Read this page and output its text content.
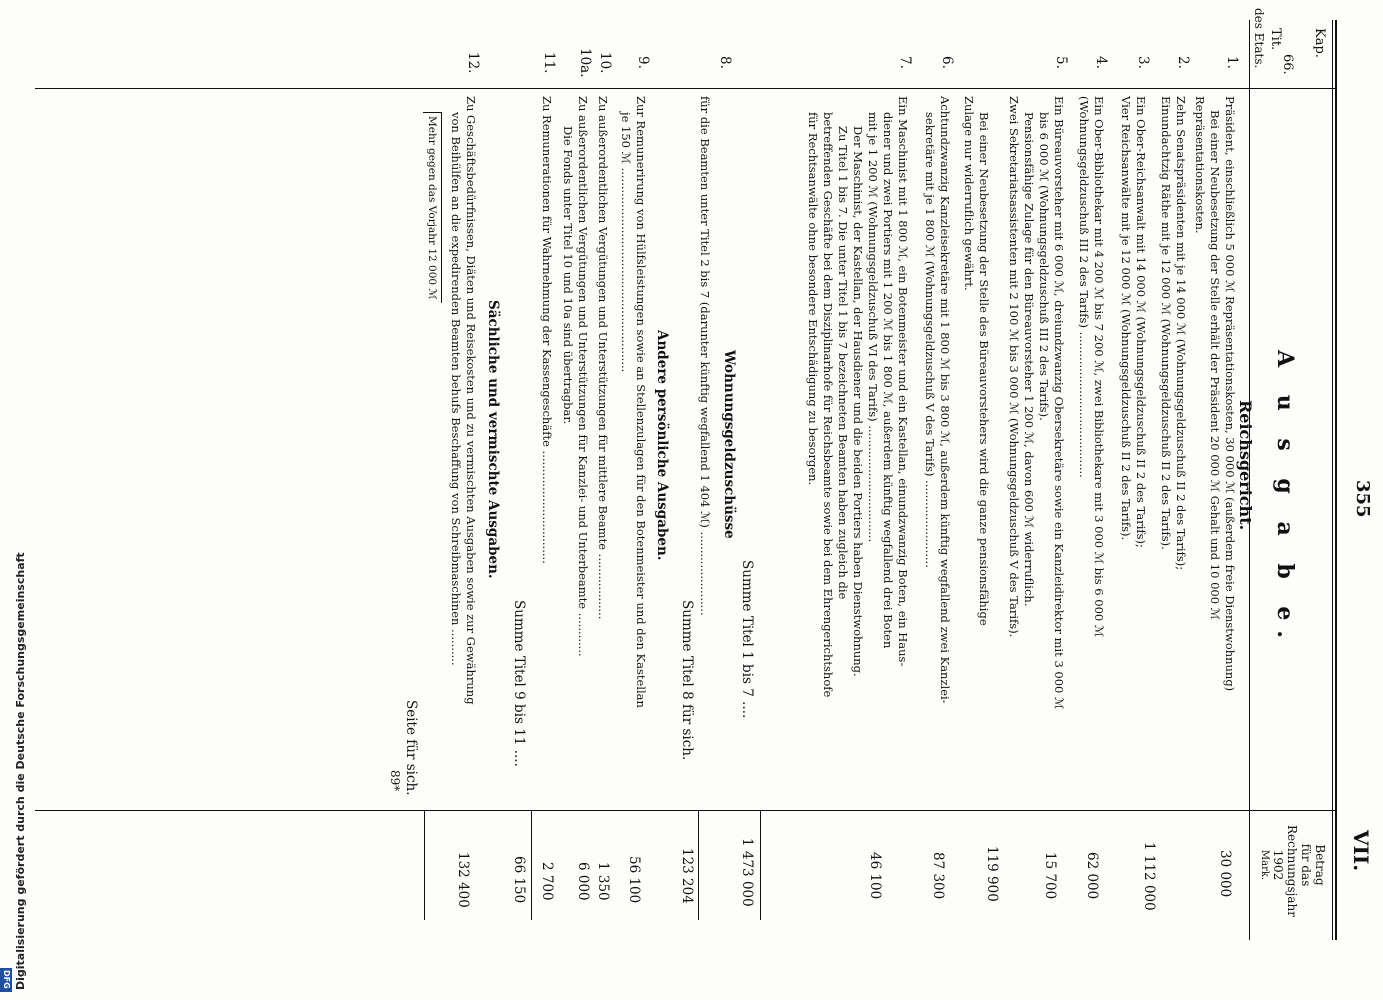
Digitalisierung gefördert durch die Deutsche Forschungsgemeinschaft
DFG
355
VII.
Kap.
Tit.
des Etats.
Betrag
für das
Rechnungsjahr
1902
Mark.
A u s g a b e.
Reichsgericht.
66.
1.
Präsident, einschließlich 5 000 ℳ Repräsentationskosten, 30 000 ℳ (außerdem freie Dienstwohnung)
Bei einer Neubesetzung der Stelle erhält der Präsident 20 000 ℳ Gehalt und 10 000 ℳ
Repräsentationskosten.
30 000
2.
Zehn Senatspräsidenten mit je 14 000 ℳ (Wohnungsgeldzuschuß II 2 des Tarifs);
Einundachtzig Räthe mit je 12 000 ℳ (Wohnungsgeldzuschuß II 2 des Tarifs).
3.
Ein Ober-Reichsanwalt mit 14 000 ℳ (Wohnungsgeldzuschuß II 2 des Tarifs);
Vier Reichsanwälte mit je 12 000 ℳ (Wohnungsgeldzuschuß II 2 des Tarifs).
1 112 000
4.
Ein Ober-Bibliothekar mit 4 200 ℳ bis 7 200 ℳ, zwei Bibliothekare mit 3 000 ℳ bis 6 000 ℳ
(Wohnungsgeldzuschuß III 2 des Tarifs) ........................................
62 000
5.
Ein Büreauvorsteher mit 6 000 ℳ, dreiundzwanzig Obersekretäre sowie ein Kanzleidirektor mit 3 000 ℳ
bis 6 000 ℳ (Wohnungsgeldzuschuß III 2 des Tarifs).
Pensionsfähige Zulage für den Büreauvorsteher 1 200 ℳ, davon 600 ℳ widerruflich.
Zwei Sekretariatsassistenten mit 2 100 ℳ bis 3 000 ℳ (Wohnungsgeldzuschuß V des Tarifs).
Bei einer Neubesetzung der Stelle des Büreauvorstehers wird die ganze pensionsfähige
Zulage nur widerruflich gewährt.
15 700
119 900
6.
Achtundzwanzig Kanzleisekretäre mit 1 800 ℳ bis 3 800 ℳ, außerdem künftig wegfallend zwei Kanzlei-
sekretäre mit je 1 800 ℳ (Wohnungsgeldzuschuß V des Tarifs) ........................
87 300
7.
Ein Maschinist mit 1 800 ℳ, ein Botenmeister und ein Kastellan, einundzwanzig Boten, ein Haus-
diener und zwei Portiers mit 1 200 ℳ bis 1 800 ℳ, außerdem künftig wegfallend drei Boten
mit je 1 200 ℳ (Wohnungsgeldzuschuß VI des Tarifs) ................................
Der Maschinist, der Kastellan, der Hausdiener und die beiden Portiers haben Dienstwohnung.
Zu Titel 1 bis 7. Die unter Titel 1 bis 7 bezeichneten Beamten haben zugleich die
betreffenden Geschäfte bei dem Disziplinarhofe für Reichsbeamte sowie bei dem Ehrengerichtshofe
für Rechtsanwälte ohne besondere Entschädigung zu besorgen.
46 100
Summe Titel 1 bis 7 ....
1 473 000
8.
Wohnungsgeldzuschüsse
für die Beamten unter Titel 2 bis 7 (darunter künftig wegfallend 1 404 ℳ) .......................
Summe Titel 8 für sich.
123 204
Andere persönliche Ausgaben.
9.
Zur Remunerirung von Hülfsleistungen sowie an Stellenzulagen für den Botenmeister und den Kastellan
je 150 ℳ ........................................................
56 100
10.
Zu außerordentlichen Vergütungen und Unterstützungen für mittlere Beamte ..................
1 350
10a.
Zu außerordentlichen Vergütungen und Unterstützungen für Kanzlei- und Unterbeamte ............
Die Fonds unter Titel 10 und 10a sind übertragbar.
6 000
11.
Zu Remunerationen für Wahrnehmung der Kassengeschäfte ...............................
2 700
Summe Titel 9 bis 11 ....
66 150
Sächliche und vermischte Ausgaben.
12.
Zu Geschäftsbedürfnissen, Diäten und Reisekosten und zu vermischten Ausgaben sowie zur Gewährung
von Beihülfen an die expedirenden Beamten behufs Beschaffung von Schreibmaschinen ..........
Mehr gegen das Vorjahr 12 000 ℳ
Seite für sich.
132 400
89*
